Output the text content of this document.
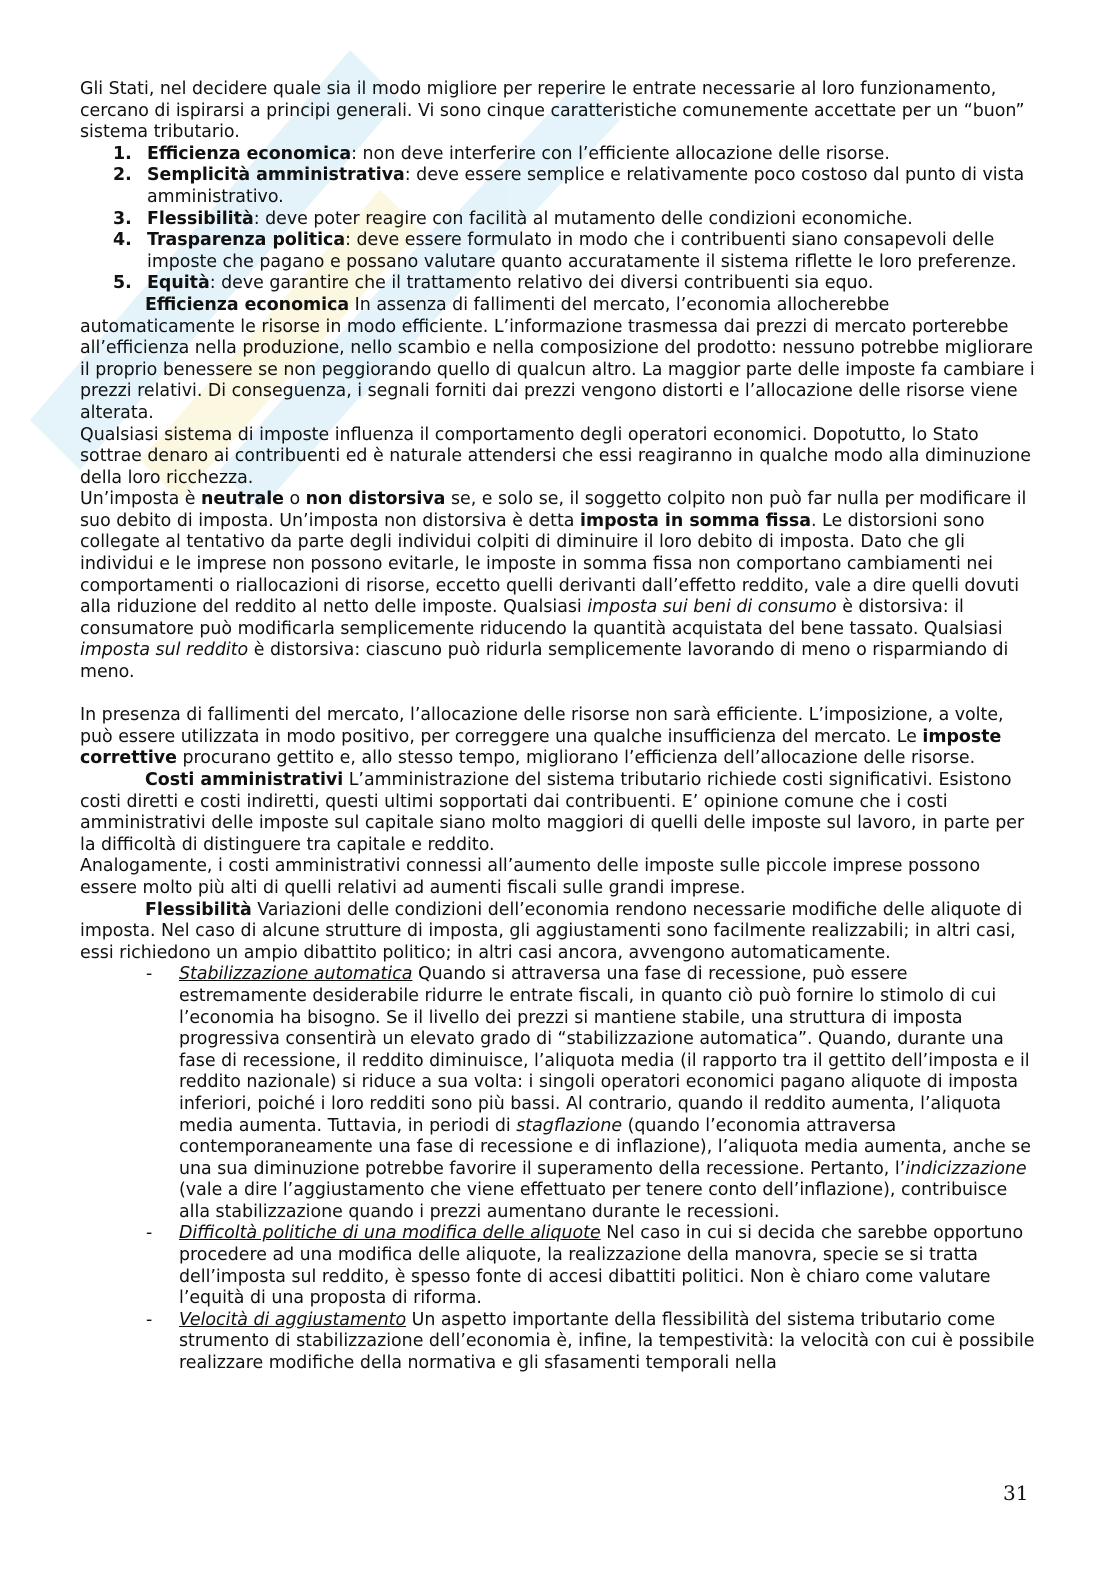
Gli Stati, nel decidere quale sia il modo migliore per reperire le entrate necessarie al loro funzionamento, cercano di ispirarsi a principi generali. Vi sono cinque caratteristiche comunemente accettate per un “buon” sistema tributario.

1. Efficienza economica: non deve interferire con l’efficiente allocazione delle risorse.
2. Semplicità amministrativa: deve essere semplice e relativamente poco costoso dal punto di vista amministrativo.
3. Flessibilità: deve poter reagire con facilità al mutamento delle condizioni economiche.
4. Trasparenza politica: deve essere formulato in modo che i contribuenti siano consapevoli delle imposte che pagano e possano valutare quanto accuratamente il sistema riflette le loro preferenze.
5. Equità: deve garantire che il trattamento relativo dei diversi contribuenti sia equo.

Efficienza economica In assenza di fallimenti del mercato, l’economia allocherebbe automaticamente le risorse in modo efficiente. L’informazione trasmessa dai prezzi di mercato porterebbe all’efficienza nella produzione, nello scambio e nella composizione del prodotto: nessuno potrebbe migliorare il proprio benessere se non peggiorando quello di qualcun altro. La maggior parte delle imposte fa cambiare i prezzi relativi. Di conseguenza, i segnali forniti dai prezzi vengono distorti e l’allocazione delle risorse viene alterata.

Qualsiasi sistema di imposte influenza il comportamento degli operatori economici. Dopotutto, lo Stato sottrae denaro ai contribuenti ed è naturale attendersi che essi reagiranno in qualche modo alla diminuzione della loro ricchezza.

Un’imposta è neutrale o non distorsiva se, e solo se, il soggetto colpito non può far nulla per modificare il suo debito di imposta. Un’imposta non distorsiva è detta imposta in somma fissa. Le distorsioni sono collegate al tentativo da parte degli individui colpiti di diminuire il loro debito di imposta. Dato che gli individui e le imprese non possono evitarle, le imposte in somma fissa non comportano cambiamenti nei comportamenti o riallocazioni di risorse, eccetto quelli derivanti dall’effetto reddito, vale a dire quelli dovuti alla riduzione del reddito al netto delle imposte. Qualsiasi imposta sui beni di consumo è distorsiva: il consumatore può modificarla semplicemente riducendo la quantità acquistata del bene tassato. Qualsiasi imposta sul reddito è distorsiva: ciascuno può ridurla semplicemente lavorando di meno o risparmiando di meno.

In presenza di fallimenti del mercato, l’allocazione delle risorse non sarà efficiente. L’imposizione, a volte, può essere utilizzata in modo positivo, per correggere una qualche insufficienza del mercato. Le imposte correttive procurano gettito e, allo stesso tempo, migliorano l’efficienza dell’allocazione delle risorse.

Costi amministrativi L’amministrazione del sistema tributario richiede costi significativi. Esistono costi diretti e costi indiretti, questi ultimi sopportati dai contribuenti. E’ opinione comune che i costi amministrativi delle imposte sul capitale siano molto maggiori di quelli delle imposte sul lavoro, in parte per la difficoltà di distinguere tra capitale e reddito.

Analogamente, i costi amministrativi connessi all’aumento delle imposte sulle piccole imprese possono essere molto più alti di quelli relativi ad aumenti fiscali sulle grandi imprese.

Flessibilità Variazioni delle condizioni dell’economia rendono necessarie modifiche delle aliquote di imposta. Nel caso di alcune strutture di imposta, gli aggiustamenti sono facilmente realizzabili; in altri casi, essi richiedono un ampio dibattito politico; in altri casi ancora, avvengono automaticamente.

- Stabilizzazione automatica Quando si attraversa una fase di recessione, può essere estremamente desiderabile ridurre le entrate fiscali, in quanto ciò può fornire lo stimolo di cui l’economia ha bisogno. Se il livello dei prezzi si mantiene stabile, una struttura di imposta progressiva consentirà un elevato grado di “stabilizzazione automatica”. Quando, durante una fase di recessione, il reddito diminuisce, l’aliquota media (il rapporto tra il gettito dell’imposta e il reddito nazionale) si riduce a sua volta: i singoli operatori economici pagano aliquote di imposta inferiori, poiché i loro redditi sono più bassi. Al contrario, quando il reddito aumenta, l’aliquota media aumenta. Tuttavia, in periodi di stagflazione (quando l’economia attraversa contemporaneamente una fase di recessione e di inflazione), l’aliquota media aumenta, anche se una sua diminuzione potrebbe favorire il superamento della recessione. Pertanto, l’indicizzazione (vale a dire l’aggiustamento che viene effettuato per tenere conto dell’inflazione), contribuisce alla stabilizzazione quando i prezzi aumentano durante le recessioni.
- Difficoltà politiche di una modifica delle aliquote Nel caso in cui si decida che sarebbe opportuno procedere ad una modifica delle aliquote, la realizzazione della manovra, specie se si tratta dell’imposta sul reddito, è spesso fonte di accesi dibattiti politici. Non è chiaro come valutare l’equità di una proposta di riforma.
- Velocità di aggiustamento Un aspetto importante della flessibilità del sistema tributario come strumento di stabilizzazione dell’economia è, infine, la tempestività: la velocità con cui è possibile realizzare modifiche della normativa e gli sfasamenti temporali nella
31
